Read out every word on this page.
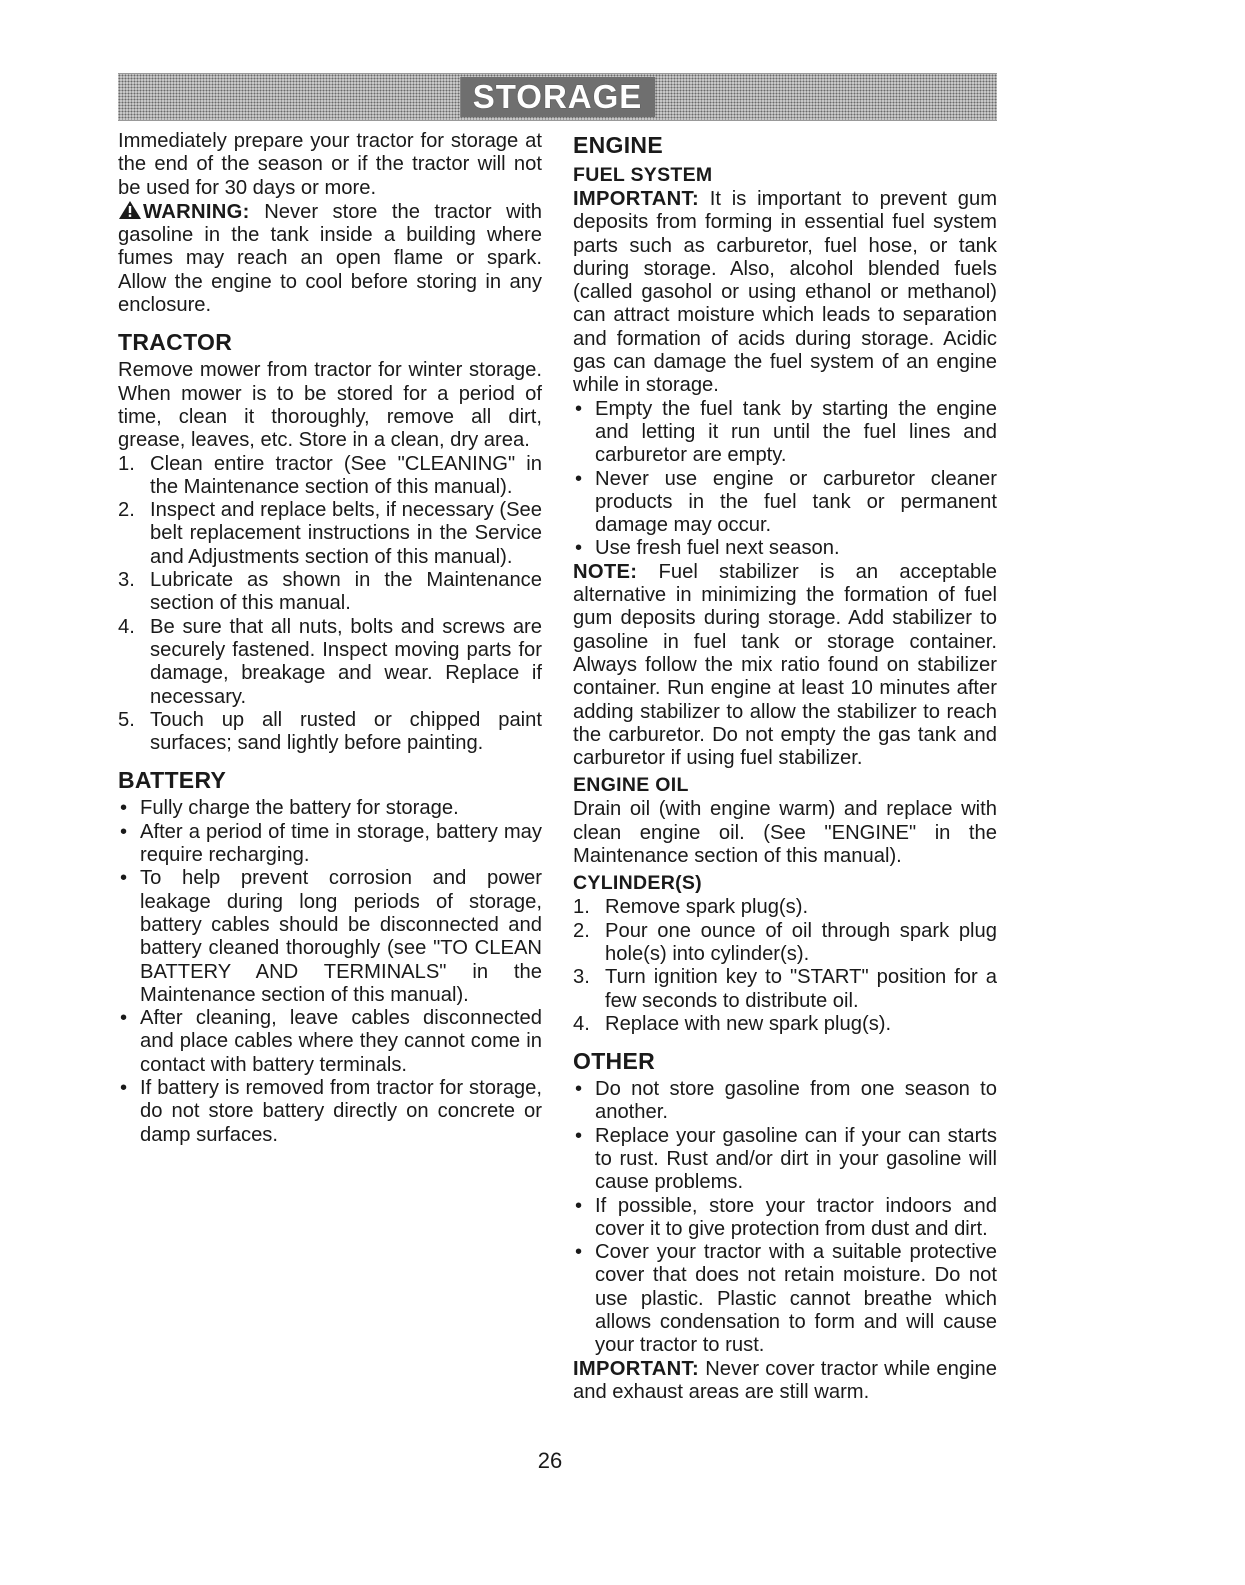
STORAGE

Immediately prepare your tractor for storage at the end of the season or if the tractor will not be used for 30 days or more.

WARNING: Never store the tractor with gasoline in the tank inside a building where fumes may reach an open flame or spark. Allow the engine to cool before storing in any enclosure.

TRACTOR

Remove mower from tractor for winter storage. When mower is to be stored for a period of time, clean it thoroughly, remove all dirt, grease, leaves, etc. Store in a clean, dry area.

1. Clean entire tractor (See "CLEANING" in the Maintenance section of this manual).
2. Inspect and replace belts, if necessary (See belt replacement instructions in the Service and Adjustments section of this manual).
3. Lubricate as shown in the Maintenance section of this manual.
4. Be sure that all nuts, bolts and screws are securely fastened. Inspect moving parts for damage, breakage and wear. Replace if necessary.
5. Touch up all rusted or chipped paint surfaces; sand lightly before painting.
BATTERY
• Fully charge the battery for storage.
• After a period of time in storage, battery may require recharging.
• To help prevent corrosion and power leakage during long periods of storage, battery cables should be disconnected and battery cleaned thoroughly (see "TO CLEAN BATTERY AND TERMINALS" in the Maintenance section of this manual).
• After cleaning, leave cables disconnected and place cables where they cannot come in contact with battery terminals.
• If battery is removed from tractor for storage, do not store battery directly on concrete or damp surfaces.
ENGINE
FUEL SYSTEM

IMPORTANT: It is important to prevent gum deposits from forming in essential fuel system parts such as carburetor, fuel hose, or tank during storage. Also, alcohol blended fuels (called gasohol or using ethanol or methanol) can attract moisture which leads to separation and formation of acids during storage. Acidic gas can damage the fuel system of an engine while in storage.

• Empty the fuel tank by starting the engine and letting it run until the fuel lines and carburetor are empty.
• Never use engine or carburetor cleaner products in the fuel tank or permanent damage may occur.
• Use fresh fuel next season.

NOTE: Fuel stabilizer is an acceptable alternative in minimizing the formation of fuel gum deposits during storage. Add stabilizer to gasoline in fuel tank or storage container. Always follow the mix ratio found on stabilizer container. Run engine at least 10 minutes after adding stabilizer to allow the stabilizer to reach the carburetor. Do not empty the gas tank and carburetor if using fuel stabilizer.

ENGINE OIL

Drain oil (with engine warm) and replace with clean engine oil. (See "ENGINE" in the Maintenance section of this manual).

CYLINDER(S)
1. Remove spark plug(s).
2. Pour one ounce of oil through spark plug hole(s) into cylinder(s).
3. Turn ignition key to "START" position for a few seconds to distribute oil.
4. Replace with new spark plug(s).
OTHER
• Do not store gasoline from one season to another.
• Replace your gasoline can if your can starts to rust. Rust and/or dirt in your gasoline will cause problems.
• If possible, store your tractor indoors and cover it to give protection from dust and dirt.
• Cover your tractor with a suitable protective cover that does not retain moisture. Do not use plastic. Plastic cannot breathe which allows condensation to form and will cause your tractor to rust.

IMPORTANT: Never cover tractor while engine and exhaust areas are still warm.

26
